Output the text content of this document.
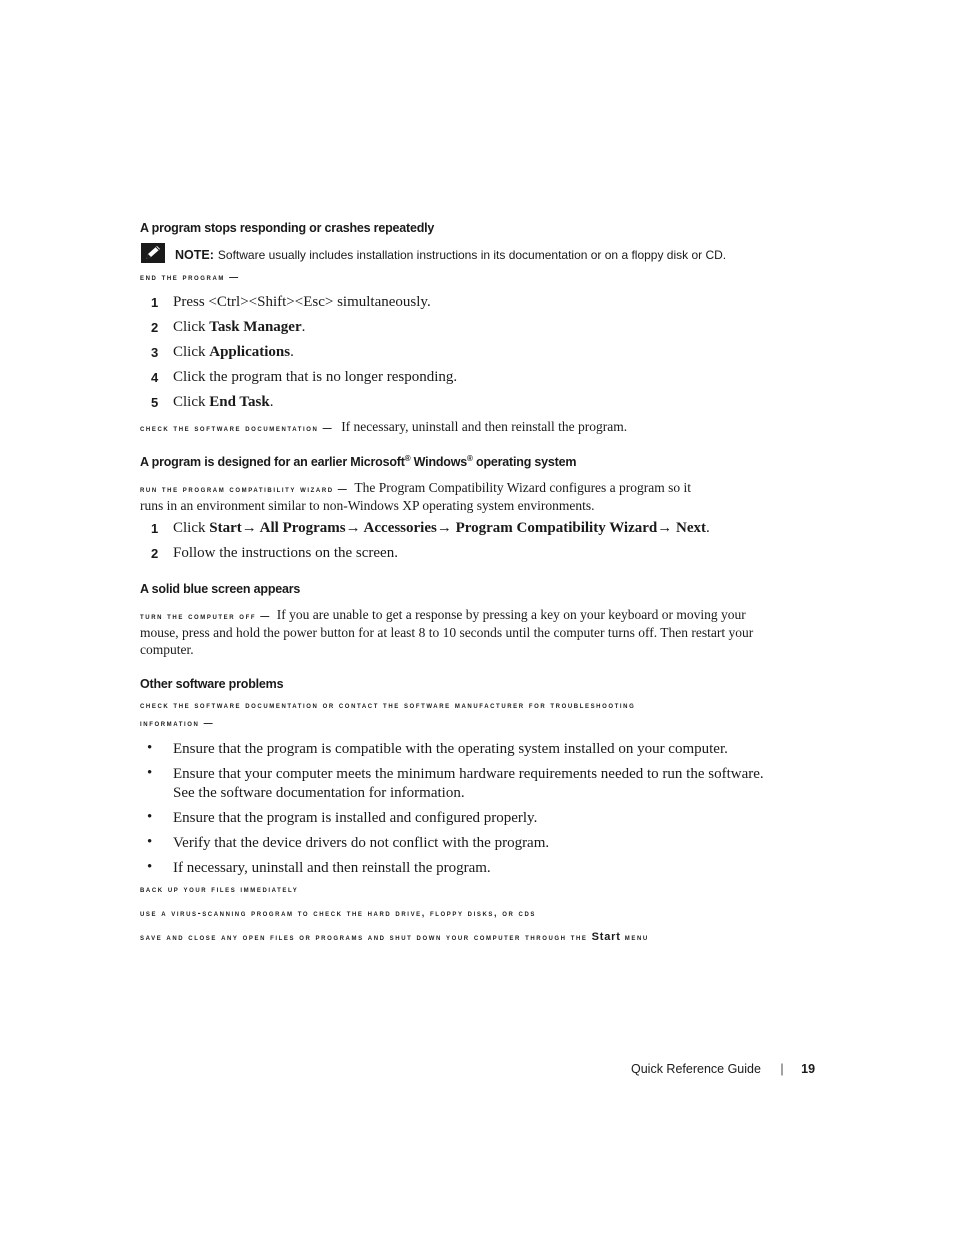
A program stops responding or crashes repeatedly
NOTE: Software usually includes installation instructions in its documentation or on a floppy disk or CD.
end the program —
1 Press <Ctrl><Shift><Esc> simultaneously.
2 Click Task Manager.
3 Click Applications.
4 Click the program that is no longer responding.
5 Click End Task.
check the software documentation — If necessary, uninstall and then reinstall the program.
A program is designed for an earlier Microsoft® Windows® operating system
run the program compatibility wizard — The Program Compatibility Wizard configures a program so it
runs in an environment similar to non-Windows XP operating system environments.
1 Click Start→ All Programs→ Accessories→ Program Compatibility Wizard→ Next.
2 Follow the instructions on the screen.
A solid blue screen appears
turn the computer off — If you are unable to get a response by pressing a key on your keyboard or moving your
mouse, press and hold the power button for at least 8 to 10 seconds until the computer turns off. Then restart your
computer.
Other software problems
check the software documentation or contact the software manufacturer for troubleshooting
information —
• Ensure that the program is compatible with the operating system installed on your computer.
• Ensure that your computer meets the minimum hardware requirements needed to run the software.
See the software documentation for information.
• Ensure that the program is installed and configured properly.
• Verify that the device drivers do not conflict with the program.
• If necessary, uninstall and then reinstall the program.
back up your files immediately
use a virus-scanning program to check the hard drive, floppy disks, or cds
save and close any open files or programs and shut down your computer through the Start menu
Quick Reference Guide | 19
